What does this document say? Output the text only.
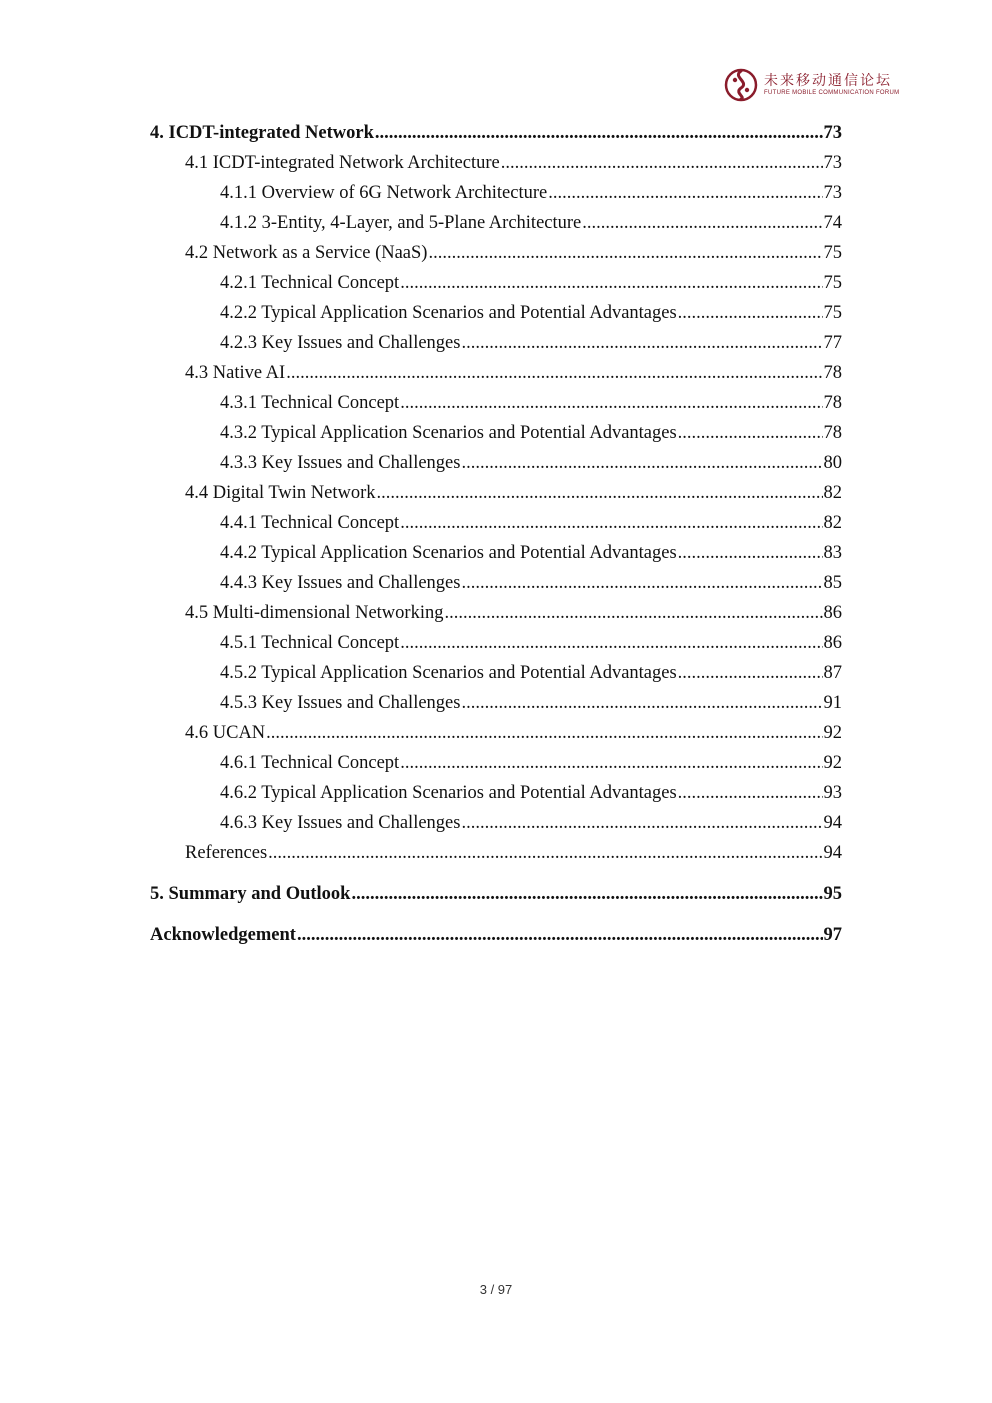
未来移动通信论坛
FUTURE MOBILE COMMUNICATION FORUM
4. ICDT-integrated Network .....	73
4.1 ICDT-integrated Network Architecture .....	73
4.1.1 Overview of 6G Network Architecture .....	73
4.1.2 3-Entity, 4-Layer, and 5-Plane Architecture .....	74
4.2 Network as a Service (NaaS) .....	75
4.2.1 Technical Concept .....	75
4.2.2 Typical Application Scenarios and Potential Advantages .....	75
4.2.3 Key Issues and Challenges .....	77
4.3 Native AI .....	78
4.3.1 Technical Concept .....	78
4.3.2 Typical Application Scenarios and Potential Advantages .....	78
4.3.3 Key Issues and Challenges .....	80
4.4 Digital Twin Network .....	82
4.4.1 Technical Concept .....	82
4.4.2 Typical Application Scenarios and Potential Advantages .....	83
4.4.3 Key Issues and Challenges .....	85
4.5 Multi-dimensional Networking .....	86
4.5.1 Technical Concept .....	86
4.5.2 Typical Application Scenarios and Potential Advantages .....	87
4.5.3 Key Issues and Challenges .....	91
4.6 UCAN .....	92
4.6.1 Technical Concept .....	92
4.6.2 Typical Application Scenarios and Potential Advantages .....	93
4.6.3 Key Issues and Challenges .....	94
References .....	94
5. Summary and Outlook .....	95
Acknowledgement .....	97
3 / 97
